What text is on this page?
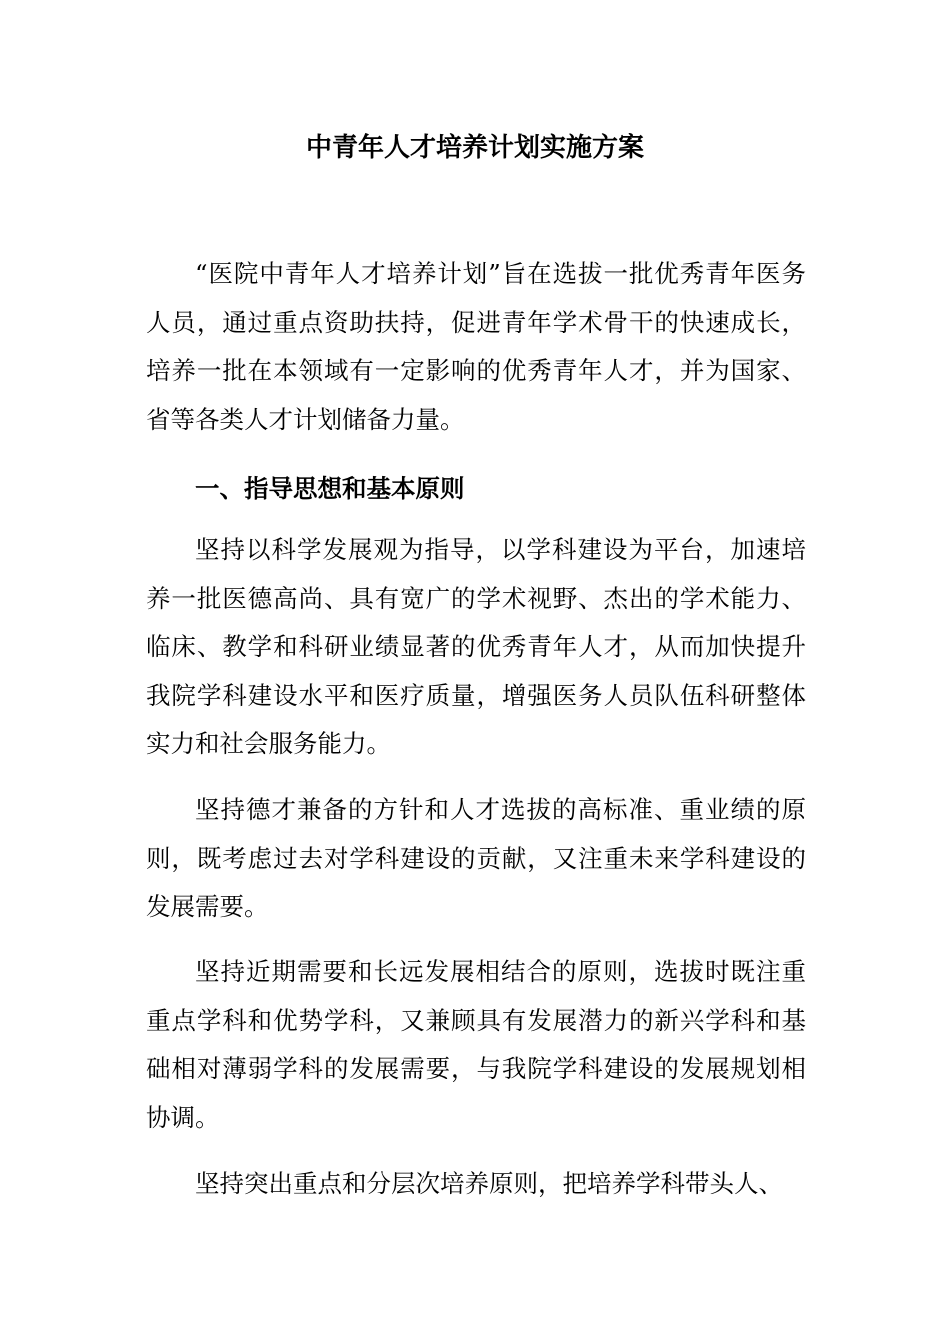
中青年人才培养计划实施方案

“医院中青年人才培养计划”旨在选拔一批优秀青年医务人员，通过重点资助扶持，促进青年学术骨干的快速成长，培养一批在本领域有一定影响的优秀青年人才，并为国家、省等各类人才计划储备力量。

一、指导思想和基本原则

坚持以科学发展观为指导，以学科建设为平台，加速培养一批医德高尚、具有宽广的学术视野、杰出的学术能力、临床、教学和科研业绩显著的优秀青年人才，从而加快提升我院学科建设水平和医疗质量，增强医务人员队伍科研整体实力和社会服务能力。

坚持德才兼备的方针和人才选拔的高标准、重业绩的原则，既考虑过去对学科建设的贡献，又注重未来学科建设的发展需要。

坚持近期需要和长远发展相结合的原则，选拔时既注重重点学科和优势学科，又兼顾具有发展潜力的新兴学科和基础相对薄弱学科的发展需要，与我院学科建设的发展规划相协调。

坚持突出重点和分层次培养原则，把培养学科带头人、
